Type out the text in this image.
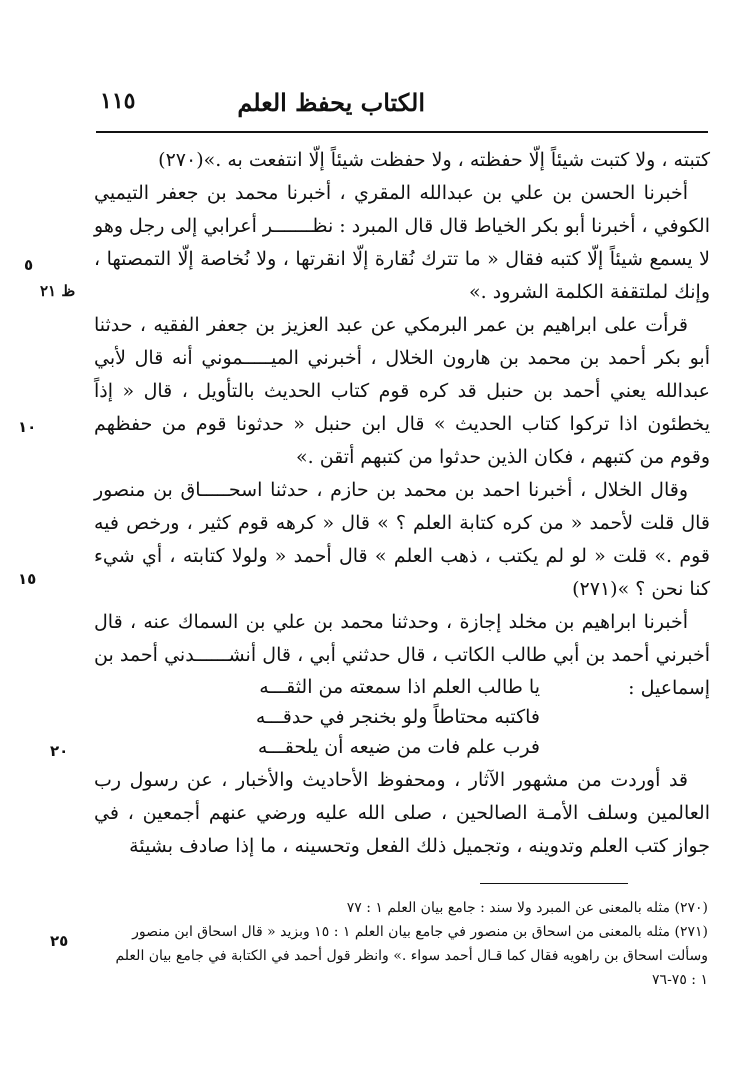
الكتاب يحفظ العلم
١١٥

كتبته ، ولا كتبت شيئاً إلّا حفظته ، ولا حفظت شيئاً إلّا انتفعت به .»(٢٧٠)

أخبرنا الحسن بن علي بن عبدالله المقري ، أخبرنا محمد بن جعفر التيميي الكوفي ، أخبرنا أبو بكر الخياط قال قال المبرد : نظـــــــر أعرابي إلى رجل وهو لا يسمع شيئاً إلّا كتبه فقال « ما تترك نُقارة إلّا انقرتها ، ولا نُخاصة إلّا التمصتها ، وإنك لملتقفة الكلمة الشرود .»

قرأت على ابراهيم بن عمر البرمكي عن عبد العزيز بن جعفر الفقيه ، حدثنا أبو بكر أحمد بن محمد بن هارون الخلال ، أخبرني الميـــــموني أنه قال لأبي عبدالله يعني أحمد بن حنبل قد كره قوم كتاب الحديث بالتأويل ، قال « إذاً يخطئون اذا تركوا كتاب الحديث » قال ابن حنبل « حدثونا قوم من حفظهم وقوم من كتبهم ، فكان الذين حدثوا من كتبهم أتقن .»

وقال الخلال ، أخبرنا احمد بن محمد بن حازم ، حدثنا اسحـــــاق بن منصور قال قلت لأحمد « من كره كتابة العلم ؟ » قال « كرهه قوم كثير ، ورخص فيه قوم .» قلت « لو لم يكتب ، ذهب العلم » قال أحمد « ولولا كتابته ، أي شيء كنا نحن ؟ »(٢٧١)

أخبرنا ابراهيم بن مخلد إجازة ، وحدثنا محمد بن علي بن السماك عنه ، قال أخبرني أحمد بن أبي طالب الكاتب ، قال حدثني أبي ، قال أنشــــــدني أحمد بن إسماعيل :

يا طالب العلم اذا سمعته من الثقـــه
فاكتبه محتاطاً ولو بخنجر في حدقـــه
فرب علم فات من ضيعه أن يلحقـــه

قد أوردت من مشهور الآثار ، ومحفوظ الأحاديث والأخبار ، عن رسول رب العالمين وسلف الأمـة الصالحين ، صلى الله عليه ورضي عنهم أجمعين ، في جواز كتب العلم وتدوينه ، وتجميل ذلك الفعل وتحسينه ، ما إذا صادف بشيئة

٥
١٠
١٥
٢٠
٢٥
ظ ٢١

(٢٧٠) مثله بالمعنى عن المبرد ولا سند : جامع بيان العلم ١ : ٧٧

(٢٧١) مثله بالمعنى من اسحاق بن منصور في جامع بيان العلم ١ : ١٥ وبزيد « قال اسحاق ابن منصور وسألت اسحاق بن راهويه فقال كما قـال أحمد سواء .» وانظر قول أحمد في الكتابة في جامع بيان العلم ١ : ٧٥-٧٦
